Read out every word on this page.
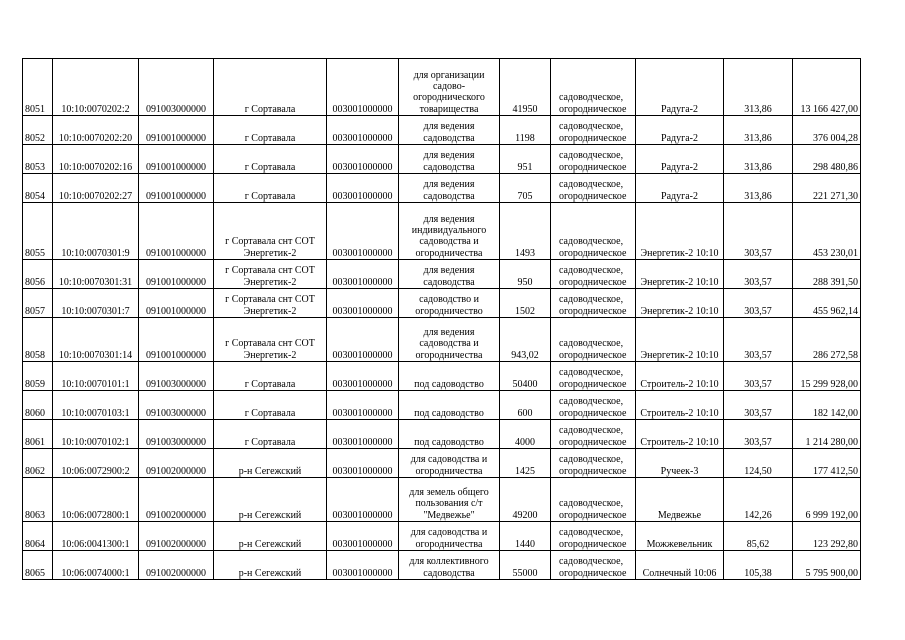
8051	10:10:0070202:2	091003000000	г Сортавала	003001000000	для организации садово-огороднического товарищества	41950	садоводческое, огородническое	Радуга-2	313,86	13 166 427,00
8052	10:10:0070202:20	091001000000	г Сортавала	003001000000	для ведения садоводства	1198	садоводческое, огородническое	Радуга-2	313,86	376 004,28
8053	10:10:0070202:16	091001000000	г Сортавала	003001000000	для ведения садоводства	951	садоводческое, огородническое	Радуга-2	313,86	298 480,86
8054	10:10:0070202:27	091001000000	г Сортавала	003001000000	для ведения садоводства	705	садоводческое, огородническое	Радуга-2	313,86	221 271,30
8055	10:10:0070301:9	091001000000	г Сортавала снт СОТ Энергетик-2	003001000000	для ведения индивидуального садоводства и огородничества	1493	садоводческое, огородническое	Энергетик-2 10:10	303,57	453 230,01
8056	10:10:0070301:31	091001000000	г Сортавала снт СОТ Энергетик-2	003001000000	для ведения садоводства	950	садоводческое, огородническое	Энергетик-2 10:10	303,57	288 391,50
8057	10:10:0070301:7	091001000000	г Сортавала снт СОТ Энергетик-2	003001000000	садоводство и огородничество	1502	садоводческое, огородническое	Энергетик-2 10:10	303,57	455 962,14
8058	10:10:0070301:14	091001000000	г Сортавала снт СОТ Энергетик-2	003001000000	для ведения садоводства и огородничества	943,02	садоводческое, огородническое	Энергетик-2 10:10	303,57	286 272,58
8059	10:10:0070101:1	091003000000	г Сортавала	003001000000	под садоводство	50400	садоводческое, огородническое	Строитель-2 10:10	303,57	15 299 928,00
8060	10:10:0070103:1	091003000000	г Сортавала	003001000000	под садоводство	600	садоводческое, огородническое	Строитель-2 10:10	303,57	182 142,00
8061	10:10:0070102:1	091003000000	г Сортавала	003001000000	под садоводство	4000	садоводческое, огородническое	Строитель-2 10:10	303,57	1 214 280,00
8062	10:06:0072900:2	091002000000	р-н Сегежский	003001000000	для садоводства и огородничества	1425	садоводческое, огородническое	Ручеек-3	124,50	177 412,50
8063	10:06:0072800:1	091002000000	р-н Сегежский	003001000000	для земель общего пользования с/т "Медвежье"	49200	садоводческое, огородническое	Медвежье	142,26	6 999 192,00
8064	10:06:0041300:1	091002000000	р-н Сегежский	003001000000	для садоводства и огородничества	1440	садоводческое, огородническое	Можжевельник	85,62	123 292,80
8065	10:06:0074000:1	091002000000	р-н Сегежский	003001000000	для коллективного садоводства	55000	садоводческое, огородническое	Солнечный 10:06	105,38	5 795 900,00
